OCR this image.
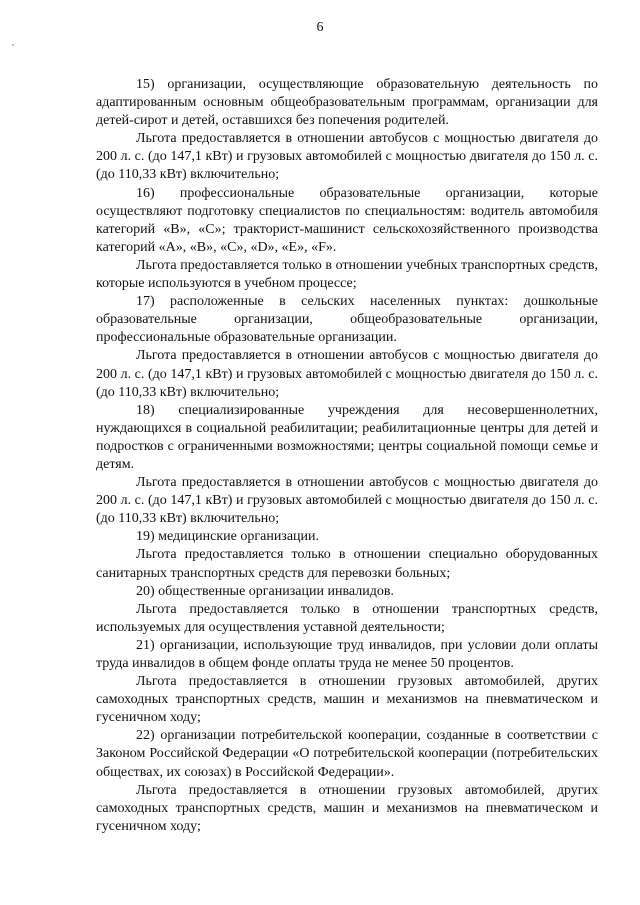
6

15) организации, осуществляющие образовательную деятельность по адаптированным основным общеобразовательным программам, организации для детей-сирот и детей, оставшихся без попечения родителей.

Льгота предоставляется в отношении автобусов с мощностью двигателя до 200 л. с. (до 147,1 кВт) и грузовых автомобилей с мощностью двигателя до 150 л. с. (до 110,33 кВт) включительно;

16) профессиональные образовательные организации, которые осуществляют подготовку специалистов по специальностям: водитель автомобиля категорий «B», «C»; тракторист-машинист сельскохозяйственного производства категорий «A», «B», «C», «D», «E», «F».

Льгота предоставляется только в отношении учебных транспортных средств, которые используются в учебном процессе;

17) расположенные в сельских населенных пунктах: дошкольные образовательные организации, общеобразовательные организации, профессиональные образовательные организации.

Льгота предоставляется в отношении автобусов с мощностью двигателя до 200 л. с. (до 147,1 кВт) и грузовых автомобилей с мощностью двигателя до 150 л. с. (до 110,33 кВт) включительно;

18) специализированные учреждения для несовершеннолетних, нуждающихся в социальной реабилитации; реабилитационные центры для детей и подростков с ограниченными возможностями; центры социальной помощи семье и детям.

Льгота предоставляется в отношении автобусов с мощностью двигателя до 200 л. с. (до 147,1 кВт) и грузовых автомобилей с мощностью двигателя до 150 л. с. (до 110,33 кВт) включительно;

19) медицинские организации.

Льгота предоставляется только в отношении специально оборудованных санитарных транспортных средств для перевозки больных;

20) общественные организации инвалидов.

Льгота предоставляется только в отношении транспортных средств, используемых для осуществления уставной деятельности;

21) организации, использующие труд инвалидов, при условии доли оплаты труда инвалидов в общем фонде оплаты труда не менее 50 процентов.

Льгота предоставляется в отношении грузовых автомобилей, других самоходных транспортных средств, машин и механизмов на пневматическом и гусеничном ходу;

22) организации потребительской кооперации, созданные в соответствии с Законом Российской Федерации «О потребительской кооперации (потребительских обществах, их союзах) в Российской Федерации».

Льгота предоставляется в отношении грузовых автомобилей, других самоходных транспортных средств, машин и механизмов на пневматическом и гусеничном ходу;
